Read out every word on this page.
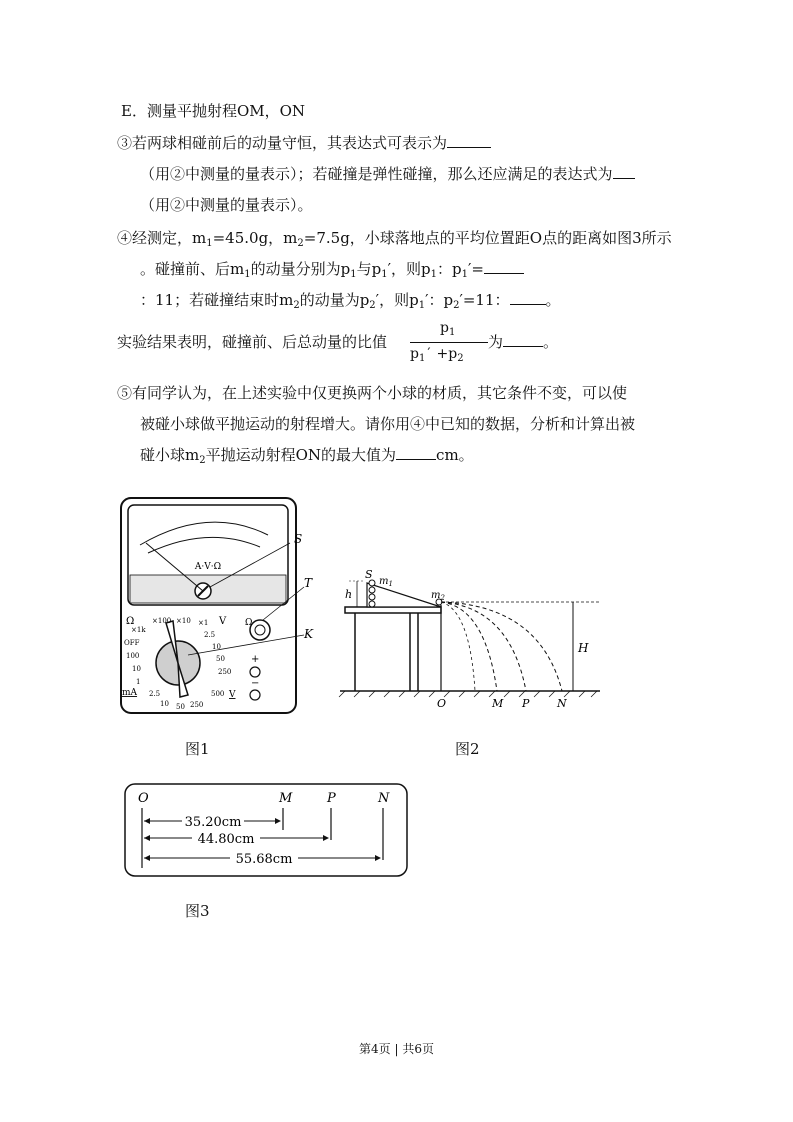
E．测量平抛射程OM，ON
③若两球相碰前后的动量守恒，其表达式可表示为
（用②中测量的量表示）；若碰撞是弹性碰撞，那么还应满足的表达式为
（用②中测量的量表示）。
④经测定，$m_1=45.0g$，$m_2=7.5g$，小球落地点的平均位置距O点的距离如图3所示
。碰撞前、后$m_1$的动量分别为$p_1$与$p_1'$，则$p_1$：$p_1'=$
：11；若碰撞结束时$m_2$的动量为$p_2'$，则$p_1'$：$p_2'=11$： 。
实验结果表明，碰撞前、后总动量的比值
$p_1$
$p_1$ ′ $+p_2$
为	。
⑤有同学认为，在上述实验中仅更换两个小球的材质，其它条件不变，可以使
被碰小球做平抛运动的射程增大。请你用④中已知的数据，分析和计算出被
碰小球$m_2$平抛运动射程ON的最大值为	cm。
A·V·Ω
Ω
×1k
×100 ×10 ×1 V
OFF
100
10
1
2.5
10
50
250
500 V
mA 2.5
10 50 250
Ω
+
−
S
T
K
图1
h
S
$m_1$
$m_2$
H
O	M P	N
图2
O	M	P	N
35.20cm
44.80cm
55.68cm
图3
第4页 | 共6页
